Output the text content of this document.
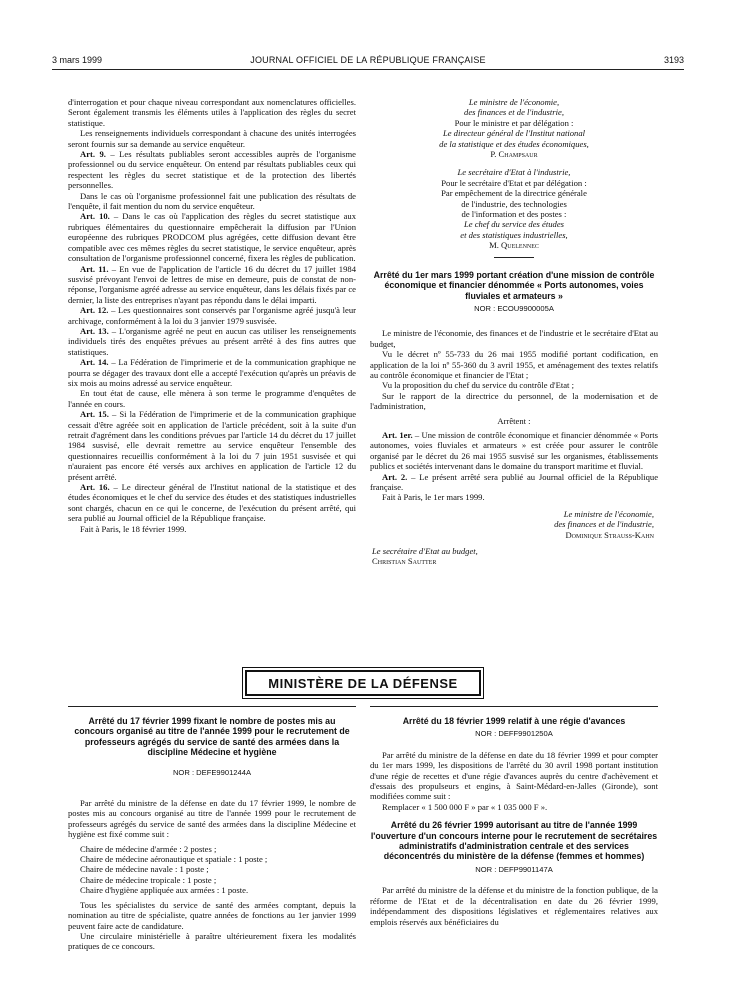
3 mars 1999	JOURNAL OFFICIEL DE LA RÉPUBLIQUE FRANÇAISE	3193

d'interrogation et pour chaque niveau correspondant aux nomenclatures officielles. Seront également transmis les éléments utiles à l'application des règles du secret statistique.

Les renseignements individuels correspondant à chacune des unités interrogées seront fournis sur sa demande au service enquêteur.

Art. 9. – Les résultats publiables seront accessibles auprès de l'organisme professionnel ou du service enquêteur. On entend par résultats publiables ceux qui respectent les règles du secret statistique et de la protection des libertés personnelles.

Dans le cas où l'organisme professionnel fait une publication des résultats de l'enquête, il fait mention du nom du service enquêteur.

Art. 10. – Dans le cas où l'application des règles du secret statistique aux rubriques élémentaires du questionnaire empêcherait la diffusion par l'Union européenne des rubriques PRODCOM plus agrégées, cette diffusion devant être compatible avec ces mêmes règles du secret statistique, le service enquêteur, après consultation de l'organisme professionnel concerné, fixera les règles de publication.

Art. 11. – En vue de l'application de l'article 16 du décret du 17 juillet 1984 susvisé prévoyant l'envoi de lettres de mise en demeure, puis de constat de non-réponse, l'organisme agréé adresse au service enquêteur, dans les délais fixés par ce dernier, la liste des entreprises n'ayant pas répondu dans le délai imparti.

Art. 12. – Les questionnaires sont conservés par l'organisme agréé jusqu'à leur archivage, conformément à la loi du 3 janvier 1979 susvisée.

Art. 13. – L'organisme agréé ne peut en aucun cas utiliser les renseignements individuels tirés des enquêtes prévues au présent arrêté à des fins autres que statistiques.

Art. 14. – La Fédération de l'imprimerie et de la communication graphique ne pourra se dégager des travaux dont elle a accepté l'exécution qu'après un préavis de six mois au moins adressé au service enquêteur.

En tout état de cause, elle mènera à son terme le programme d'enquêtes de l'année en cours.

Art. 15. – Si la Fédération de l'imprimerie et de la communication graphique cessait d'être agréée soit en application de l'article précédent, soit à la suite d'un retrait d'agrément dans les conditions prévues par l'article 14 du décret du 17 juillet 1984 susvisé, elle devrait remettre au service enquêteur l'ensemble des questionnaires recueillis conformément à la loi du 7 juin 1951 susvisée et qui n'auraient pas encore été versés aux archives en application de l'article 12 du présent arrêté.

Art. 16. – Le directeur général de l'Institut national de la statistique et des études économiques et le chef du service des études et des statistiques industrielles sont chargés, chacun en ce qui le concerne, de l'exécution du présent arrêté, qui sera publié au Journal officiel de la République française.

Fait à Paris, le 18 février 1999.

Le ministre de l'économie,
des finances et de l'industrie,
Pour le ministre et par délégation :
Le directeur général de l'Institut national
de la statistique et des études économiques,
P. Champsaur
Le secrétaire d'Etat à l'industrie,
Pour le secrétaire d'Etat et par délégation :
Par empêchement de la directrice générale
de l'industrie, des technologies
de l'information et des postes :
Le chef du service des études
et des statistiques industrielles,
M. Quelennec
Arrêté du 1er mars 1999 portant création d'une mission de contrôle économique et financier dénommée « Ports autonomes, voies fluviales et armateurs »
NOR : ECOU9900005A

Le ministre de l'économie, des finances et de l'industrie et le secrétaire d'Etat au budget,

Vu le décret nº 55-733 du 26 mai 1955 modifié portant codification, en application de la loi nº 55-360 du 3 avril 1955, et aménagement des textes relatifs au contrôle économique et financier de l'Etat ;

Vu la proposition du chef du service du contrôle d'Etat ;

Sur le rapport de la directrice du personnel, de la modernisation et de l'administration,

Arrêtent :

Art. 1er. – Une mission de contrôle économique et financier dénommée « Ports autonomes, voies fluviales et armateurs » est créée pour assurer le contrôle organisé par le décret du 26 mai 1955 susvisé sur les organismes, établissements publics et sociétés intervenant dans le domaine du transport maritime et fluvial.

Art. 2. – Le présent arrêté sera publié au Journal officiel de la République française.

Fait à Paris, le 1er mars 1999.

Le ministre de l'économie,
des finances et de l'industrie,
Dominique Strauss-Kahn
Le secrétaire d'Etat au budget,
Christian Sautter
MINISTÈRE DE LA DÉFENSE
Arrêté du 17 février 1999 fixant le nombre de postes mis au concours organisé au titre de l'année 1999 pour le recrutement de professeurs agrégés du service de santé des armées dans la discipline Médecine et hygiène
NOR : DEFE9901244A

Par arrêté du ministre de la défense en date du 17 février 1999, le nombre de postes mis au concours organisé au titre de l'année 1999 pour le recrutement de professeurs agrégés du service de santé des armées dans la discipline Médecine et hygiène est fixé comme suit :

Chaire de médecine d'armée : 2 postes ;

Chaire de médecine aéronautique et spatiale : 1 poste ;

Chaire de médecine navale : 1 poste ;

Chaire de médecine tropicale : 1 poste ;

Chaire d'hygiène appliquée aux armées : 1 poste.

Tous les spécialistes du service de santé des armées comptant, depuis la nomination au titre de spécialiste, quatre années de fonctions au 1er janvier 1999 peuvent faire acte de candidature.

Une circulaire ministérielle à paraître ultérieurement fixera les modalités pratiques de ce concours.

Arrêté du 18 février 1999 relatif à une régie d'avances
NOR : DEFF9901250A

Par arrêté du ministre de la défense en date du 18 février 1999 et pour compter du 1er mars 1999, les dispositions de l'arrêté du 30 avril 1998 portant institution d'une régie de recettes et d'une régie d'avances auprès du centre d'achèvement et d'essais des propulseurs et engins, à Saint-Médard-en-Jalles (Gironde), sont modifiées comme suit :

Remplacer « 1 500 000 F » par « 1 035 000 F ».

Arrêté du 26 février 1999 autorisant au titre de l'année 1999 l'ouverture d'un concours interne pour le recrutement de secrétaires administratifs d'administration centrale et des services déconcentrés du ministère de la défense (femmes et hommes)
NOR : DEFP9901147A

Par arrêté du ministre de la défense et du ministre de la fonction publique, de la réforme de l'Etat et de la décentralisation en date du 26 février 1999, indépendamment des dispositions législatives et réglementaires relatives aux emplois réservés aux bénéficiaires du
